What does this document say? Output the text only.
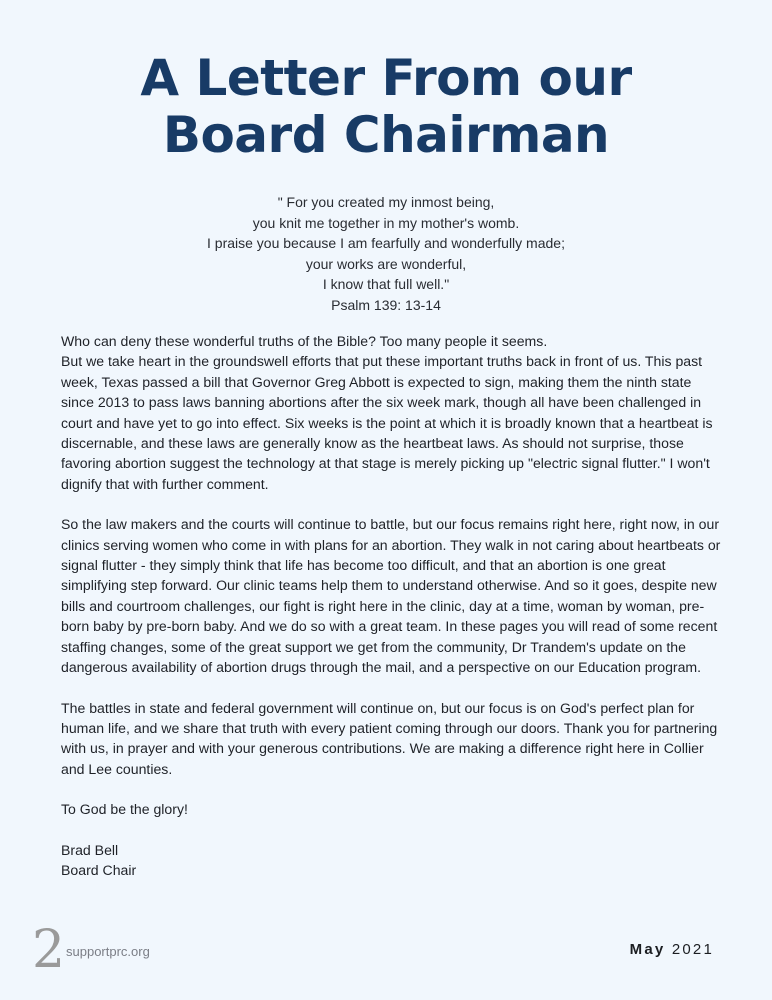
A Letter From our
Board Chairman
" For you created my inmost being,
you knit me together in my mother's womb.
I praise you because I am fearfully and wonderfully made;
your works are wonderful,
I know that full well."
Psalm 139: 13-14

Who can deny these wonderful truths of the Bible? Too many people it seems.

But we take heart in the groundswell efforts that put these important truths back in front of us. This past week, Texas passed a bill that Governor Greg Abbott is expected to sign, making them the ninth state since 2013 to pass laws banning abortions after the six week mark, though all have been challenged in court and have yet to go into effect. Six weeks is the point at which it is broadly known that a heartbeat is discernable, and these laws are generally know as the heartbeat laws. As should not surprise, those favoring abortion suggest the technology at that stage is merely picking up "electric signal flutter." I won't dignify that with further comment.

So the law makers and the courts will continue to battle, but our focus remains right here, right now, in our clinics serving women who come in with plans for an abortion. They walk in not caring about heartbeats or signal flutter - they simply think that life has become too difficult, and that an abortion is one great simplifying step forward. Our clinic teams help them to understand otherwise. And so it goes, despite new bills and courtroom challenges, our fight is right here in the clinic, day at a time, woman by woman, pre-born baby by pre-born baby. And we do so with a great team. In these pages you will read of some recent staffing changes, some of the great support we get from the community, Dr Trandem's update on the dangerous availability of abortion drugs through the mail, and a perspective on our Education program.

The battles in state and federal government will continue on, but our focus is on God's perfect plan for human life, and we share that truth with every patient coming through our doors. Thank you for partnering with us, in prayer and with your generous contributions. We are making a difference right here in Collier and Lee counties.

To God be the glory!

Brad Bell
Board Chair

2 supportprc.org	May 2021
